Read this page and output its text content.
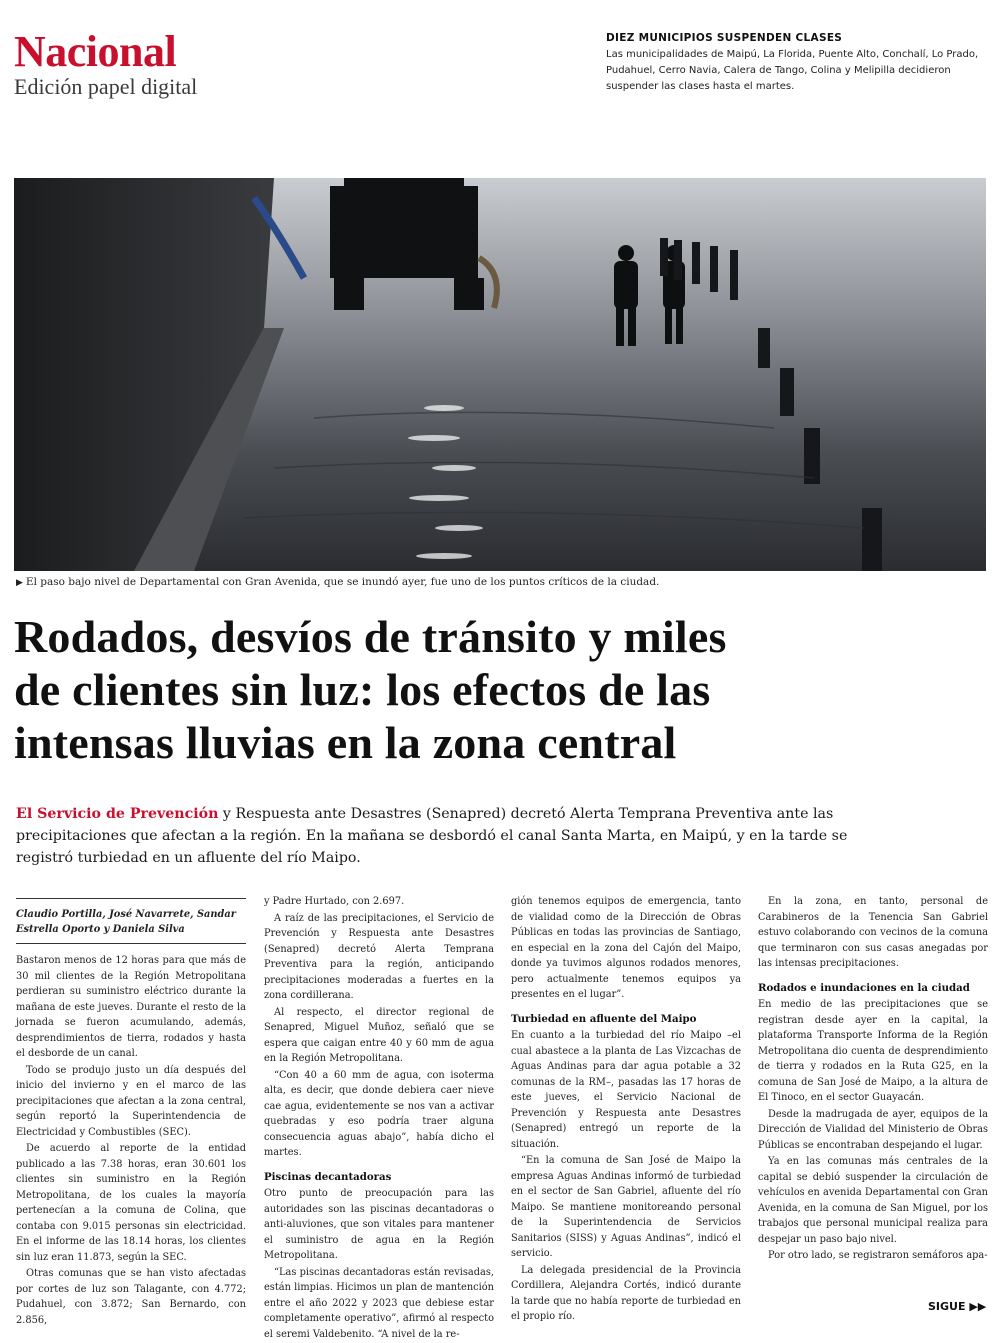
Nacional
Edición papel digital
DIEZ MUNICIPIOS SUSPENDEN CLASES
Las municipalidades de Maipú, La Florida, Puente Alto, Conchalí, Lo Prado, Pudahuel, Cerro Navia, Calera de Tango, Colina y Melipilla decidieron suspender las clases hasta el martes.
▶ El paso bajo nivel de Departamental con Gran Avenida, que se inundó ayer, fue uno de los puntos críticos de la ciudad.
Rodados, desvíos de tránsito y miles
de clientes sin luz: los efectos de las
intensas lluvias en la zona central
El Servicio de Prevención y Respuesta ante Desastres (Senapred) decretó Alerta Temprana Preventiva ante las
precipitaciones que afectan a la región. En la mañana se desbordó el canal Santa Marta, en Maipú, y en la tarde se
registró turbiedad en un afluente del río Maipo.
Claudio Portilla, José Navarrete, Sandar Estrella Oporto y Daniela Silva

Bastaron menos de 12 horas para que más de 30 mil clientes de la Región Metropolitana perdieran su suministro eléctrico durante la mañana de este jueves. Durante el resto de la jornada se fueron acumulando, además, desprendimientos de tierra, rodados y hasta el desborde de un canal.

Todo se produjo justo un día después del inicio del invierno y en el marco de las precipitaciones que afectan a la zona central, según reportó la Superintendencia de Electricidad y Combustibles (SEC).

De acuerdo al reporte de la entidad publicado a las 7.38 horas, eran 30.601 los clientes sin suministro en la Región Metropolitana, de los cuales la mayoría pertenecían a la comuna de Colina, que contaba con 9.015 personas sin electricidad. En el informe de las 18.14 horas, los clientes sin luz eran 11.873, según la SEC.

Otras comunas que se han visto afectadas por cortes de luz son Talagante, con 4.772; Pudahuel, con 3.872; San Bernardo, con 2.856,

y Padre Hurtado, con 2.697.

A raíz de las precipitaciones, el Servicio de Prevención y Respuesta ante Desastres (Senapred) decretó Alerta Temprana Preventiva para la región, anticipando precipitaciones moderadas a fuertes en la zona cordillerana.

Al respecto, el director regional de Senapred, Miguel Muñoz, señaló que se espera que caigan entre 40 y 60 mm de agua en la Región Metropolitana.

“Con 40 a 60 mm de agua, con isoterma alta, es decir, que donde debiera caer nieve cae agua, evidentemente se nos van a activar quebradas y eso podría traer alguna consecuencia aguas abajo”, había dicho el martes.

Piscinas decantadoras

Otro punto de preocupación para las autoridades son las piscinas decantadoras o anti-aluviones, que son vitales para mantener el suministro de agua en la Región Metropolitana.

“Las piscinas decantadoras están revisadas, están limpias. Hicimos un plan de mantención entre el año 2022 y 2023 que debiese estar completamente operativo”, afirmó al respecto el seremi Valdebenito. “A nivel de la re-

gión tenemos equipos de emergencia, tanto de vialidad como de la Dirección de Obras Públicas en todas las provincias de Santiago, en especial en la zona del Cajón del Maipo, donde ya tuvimos algunos rodados menores, pero actualmente tenemos equipos ya presentes en el lugar”.

Turbiedad en afluente del Maipo

En cuanto a la turbiedad del río Maipo –el cual abastece a la planta de Las Vizcachas de Aguas Andinas para dar agua potable a 32 comunas de la RM–, pasadas las 17 horas de este jueves, el Servicio Nacional de Prevención y Respuesta ante Desastres (Senapred) entregó un reporte de la situación.

“En la comuna de San José de Maipo la empresa Aguas Andinas informó de turbiedad en el sector de San Gabriel, afluente del río Maipo. Se mantiene monitoreando personal de la Superintendencia de Servicios Sanitarios (SISS) y Aguas Andinas”, indicó el servicio.

La delegada presidencial de la Provincia Cordillera, Alejandra Cortés, indicó durante la tarde que no había reporte de turbiedad en el propio río.

En la zona, en tanto, personal de Carabineros de la Tenencia San Gabriel estuvo colaborando con vecinos de la comuna que terminaron con sus casas anegadas por las intensas precipitaciones.

Rodados e inundaciones en la ciudad

En medio de las precipitaciones que se registran desde ayer en la capital, la plataforma Transporte Informa de la Región Metropolitana dio cuenta de desprendimiento de tierra y rodados en la Ruta G25, en la comuna de San José de Maipo, a la altura de El Tinoco, en el sector Guayacán.

Desde la madrugada de ayer, equipos de la Dirección de Vialidad del Ministerio de Obras Públicas se encontraban despejando el lugar.

Ya en las comunas más centrales de la capital se debió suspender la circulación de vehículos en avenida Departamental con Gran Avenida, en la comuna de San Miguel, por los trabajos que personal municipal realiza para despejar un paso bajo nivel.

Por otro lado, se registraron semáforos apa-

SIGUE ▶▶
